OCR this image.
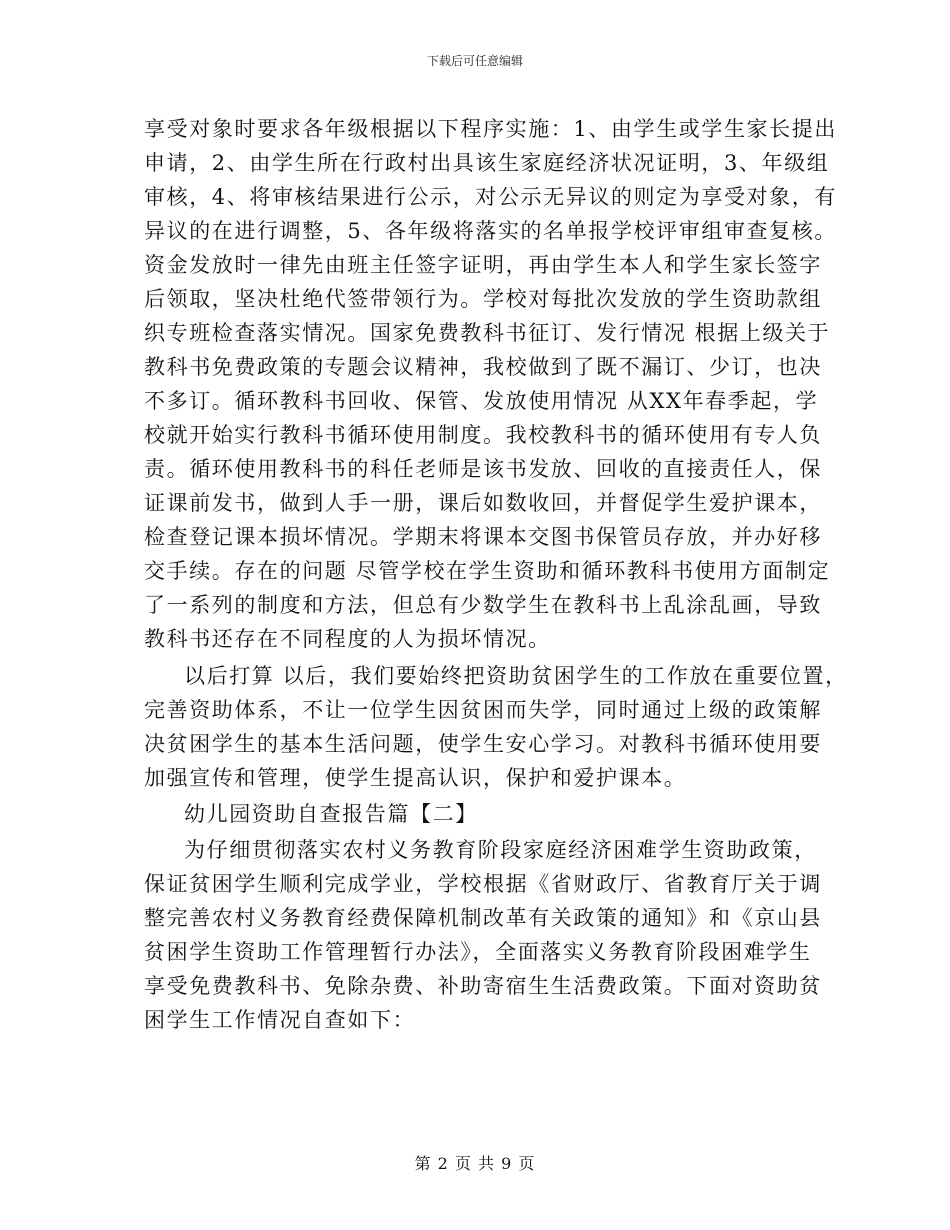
下载后可任意编辑
享受对象时要求各年级根据以下程序实施：1、由学生或学生家长提出
申请，2、由学生所在行政村出具该生家庭经济状况证明，3、年级组
审核，4、将审核结果进行公示，对公示无异议的则定为享受对象，有
异议的在进行调整，5、各年级将落实的名单报学校评审组审查复核。
资金发放时一律先由班主任签字证明，再由学生本人和学生家长签字
后领取，坚决杜绝代签带领行为。学校对每批次发放的学生资助款组
织专班检查落实情况。国家免费教科书征订、发行情况 根据上级关于
教科书免费政策的专题会议精神，我校做到了既不漏订、少订，也决
不多订。循环教科书回收、保管、发放使用情况 从XX年春季起，学
校就开始实行教科书循环使用制度。我校教科书的循环使用有专人负
责。循环使用教科书的科任老师是该书发放、回收的直接责任人，保
证课前发书，做到人手一册，课后如数收回，并督促学生爱护课本，
检查登记课本损坏情况。学期末将课本交图书保管员存放，并办好移
交手续。存在的问题 尽管学校在学生资助和循环教科书使用方面制定
了一系列的制度和方法，但总有少数学生在教科书上乱涂乱画，导致
教科书还存在不同程度的人为损坏情况。
以后打算 以后，我们要始终把资助贫困学生的工作放在重要位置，
完善资助体系，不让一位学生因贫困而失学，同时通过上级的政策解
决贫困学生的基本生活问题，使学生安心学习。对教科书循环使用要
加强宣传和管理，使学生提高认识，保护和爱护课本。
幼儿园资助自查报告篇【二】
为仔细贯彻落实农村义务教育阶段家庭经济困难学生资助政策，
保证贫困学生顺利完成学业，学校根据《省财政厅、省教育厅关于调
整完善农村义务教育经费保障机制改革有关政策的通知》和《京山县
贫困学生资助工作管理暂行办法》，全面落实义务教育阶段困难学生
享受免费教科书、免除杂费、补助寄宿生生活费政策。下面对资助贫
困学生工作情况自查如下：
第 2 页 共 9 页
